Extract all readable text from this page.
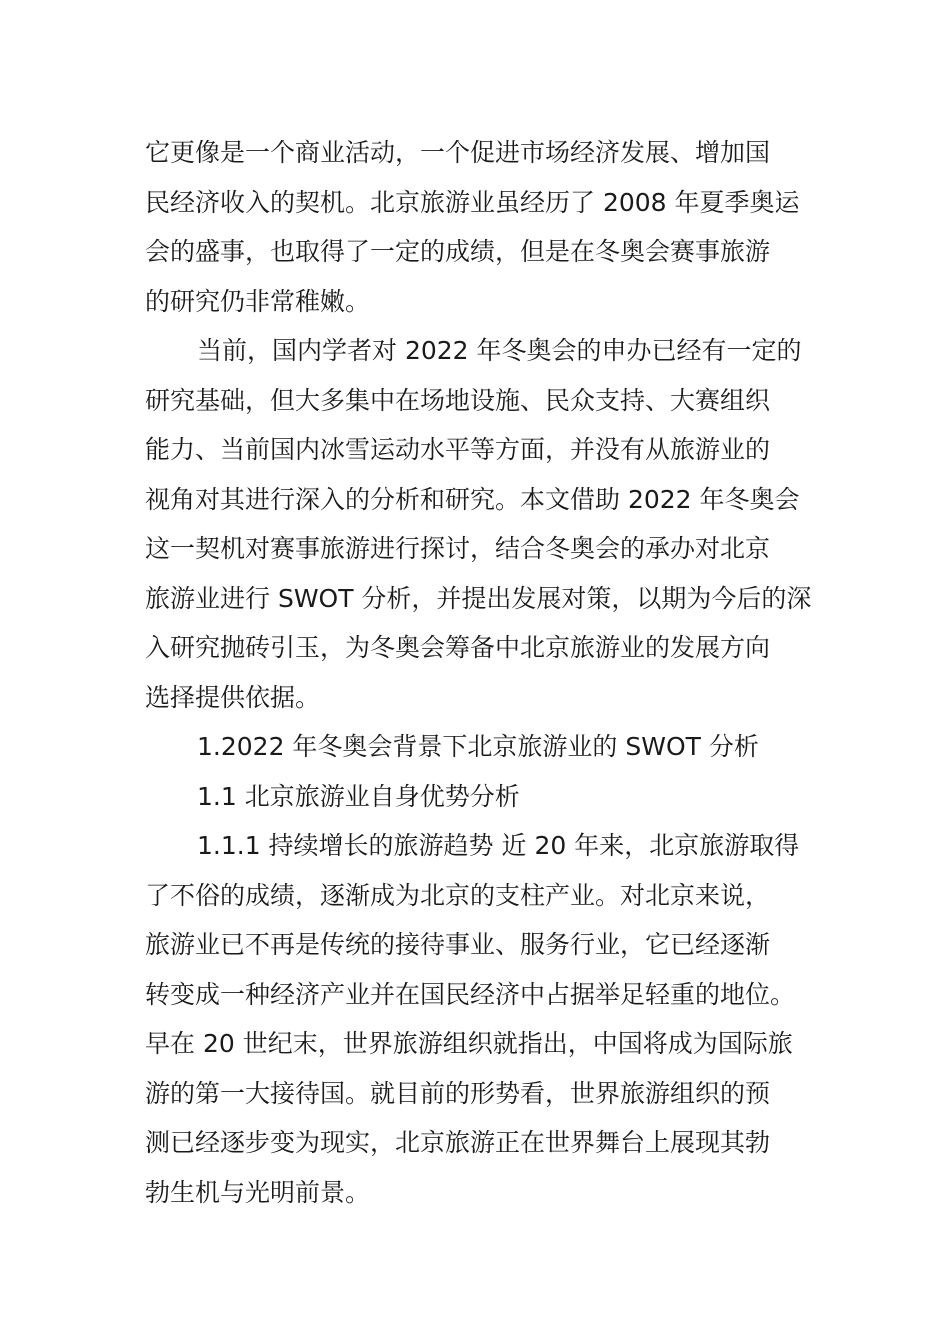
它更像是一个商业活动，一个促进市场经济发展、增加国
民经济收入的契机。北京旅游业虽经历了 2008 年夏季奥运
会的盛事，也取得了一定的成绩，但是在冬奥会赛事旅游
的研究仍非常稚嫩。
当前，国内学者对 2022 年冬奥会的申办已经有一定的
研究基础，但大多集中在场地设施、民众支持、大赛组织
能力、当前国内冰雪运动水平等方面，并没有从旅游业的
视角对其进行深入的分析和研究。本文借助 2022 年冬奥会
这一契机对赛事旅游进行探讨，结合冬奥会的承办对北京
旅游业进行 SWOT 分析，并提出发展对策，以期为今后的深
入研究抛砖引玉，为冬奥会筹备中北京旅游业的发展方向
选择提供依据。
1.2022 年冬奥会背景下北京旅游业的 SWOT 分析
1.1 北京旅游业自身优势分析
1.1.1 持续增长的旅游趋势 近 20 年来，北京旅游取得
了不俗的成绩，逐渐成为北京的支柱产业。对北京来说，
旅游业已不再是传统的接待事业、服务行业，它已经逐渐
转变成一种经济产业并在国民经济中占据举足轻重的地位。
早在 20 世纪末，世界旅游组织就指出，中国将成为国际旅
游的第一大接待国。就目前的形势看，世界旅游组织的预
测已经逐步变为现实，北京旅游正在世界舞台上展现其勃
勃生机与光明前景。
